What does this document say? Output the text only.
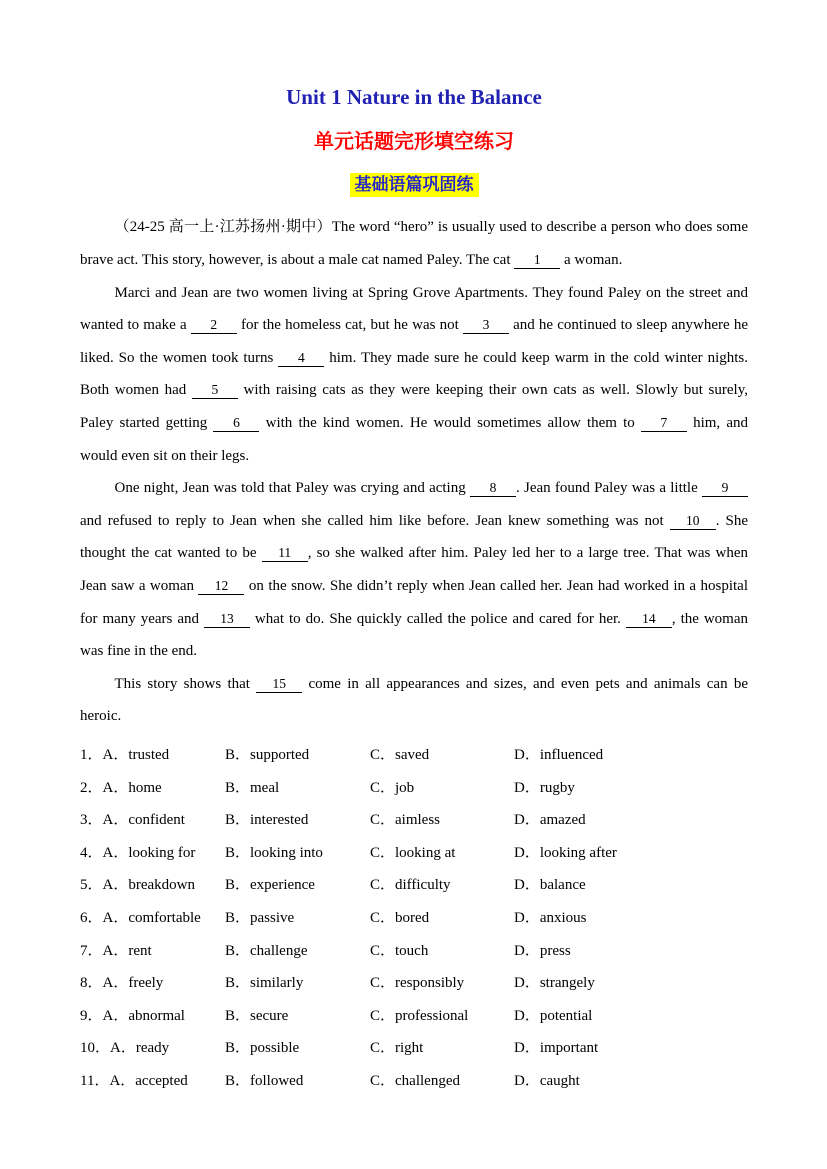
Unit 1 Nature in the Balance
单元话题完形填空练习
基础语篇巩固练

（24-25 高一上·江苏扬州·期中）The word “hero” is usually used to describe a person who does some brave act. This story, however, is about a male cat named Paley. The cat 1 a woman.

Marci and Jean are two women living at Spring Grove Apartments. They found Paley on the street and wanted to make a 2 for the homeless cat, but he was not 3 and he continued to sleep anywhere he liked. So the women took turns 4 him. They made sure he could keep warm in the cold winter nights. Both women had 5 with raising cats as they were keeping their own cats as well. Slowly but surely, Paley started getting 6 with the kind women. He would sometimes allow them to 7 him, and would even sit on their legs.

One night, Jean was told that Paley was crying and acting 8 . Jean found Paley was a little 9 and refused to reply to Jean when she called him like before. Jean knew something was not 10 . She thought the cat wanted to be 11 , so she walked after him. Paley led her to a large tree. That was when Jean saw a woman 12 on the snow. She didn’t reply when Jean called her. Jean had worked in a hospital for many years and 13 what to do. She quickly called the police and cared for her. 14 , the woman was fine in the end.

This story shows that 15 come in all appearances and sizes, and even pets and animals can be heroic.

1．A．trusted	B．supported	C．saved	D．influenced
2．A．home	B．meal	C．job	D．rugby
3．A．confident	B．interested	C．aimless	D．amazed
4．A．looking for	B．looking into	C．looking at	D．looking after
5．A．breakdown	B．experience	C．difficulty	D．balance
6．A．comfortable	B．passive	C．bored	D．anxious
7．A．rent	B．challenge	C．touch	D．press
8．A．freely	B．similarly	C．responsibly	D．strangely
9．A．abnormal	B．secure	C．professional	D．potential
10．A．ready	B．possible	C．right	D．important
11．A．accepted	B．followed	C．challenged	D．caught
